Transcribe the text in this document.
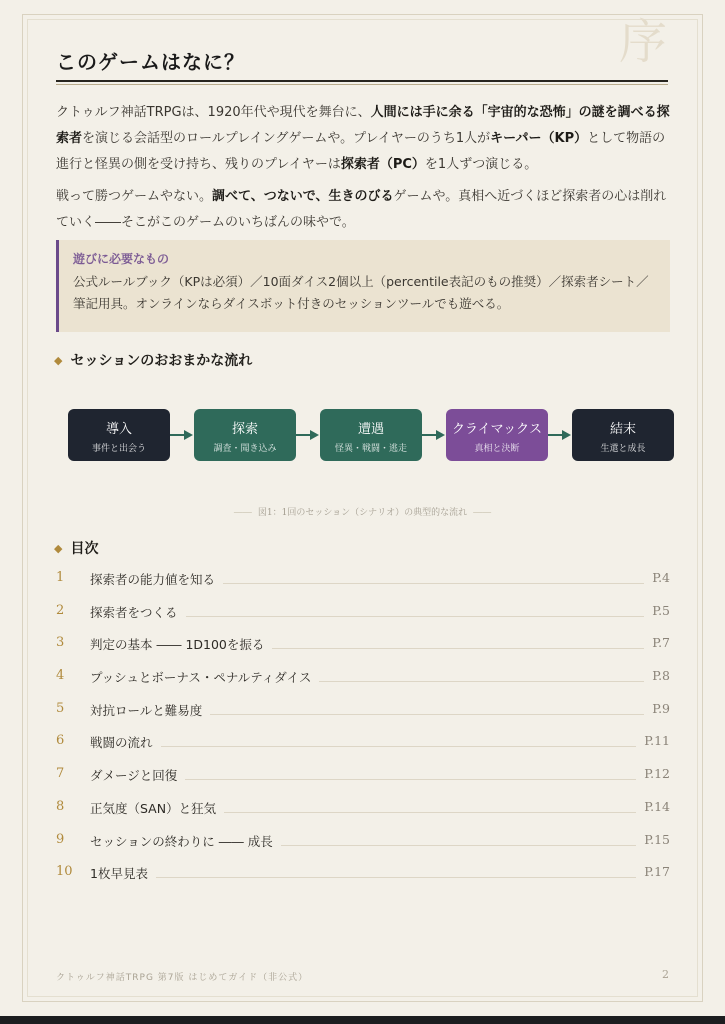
序
このゲームはなに？

クトゥルフ神話TRPGは、1920年代や現代を舞台に、人間には手に余る「宇宙的な恐怖」の謎を調べる探索者を演じる会話型のロールプレイングゲームや。プレイヤーのうち1人がキーパー（KP）として物語の進行と怪異の側を受け持ち、残りのプレイヤーは探索者（PC）を1人ずつ演じる。

戦って勝つゲームやない。調べて、つないで、生きのびるゲームや。真相へ近づくほど探索者の心は削れていく――そこがこのゲームのいちばんの味やで。

遊びに必要なもの
公式ルールブック（KPは必須）／10面ダイス2個以上（percentile表記のもの推奨）／探索者シート／筆記用具。オンラインならダイスボット付きのセッションツールでも遊べる。
◆ セッションのおおまかな流れ
導入
事件と出会う
探索
調査・聞き込み
遭遇
怪異・戦闘・逃走
クライマックス
真相と決断
結末
生還と成長
―― 図1：1回のセッション（シナリオ）の典型的な流れ ――
◆ 目次
1	探索者の能力値を知る	P.4
2	探索者をつくる	P.5
3	判定の基本 ―― 1D100を振る	P.7
4	プッシュとボーナス・ペナルティダイス	P.8
5	対抗ロールと難易度	P.9
6	戦闘の流れ	P.11
7	ダメージと回復	P.12
8	正気度（SAN）と狂気	P.14
9	セッションの終わりに ―― 成長	P.15
10	1枚早見表	P.17
クトゥルフ神話TRPG 第7版 はじめてガイド（非公式）	2
